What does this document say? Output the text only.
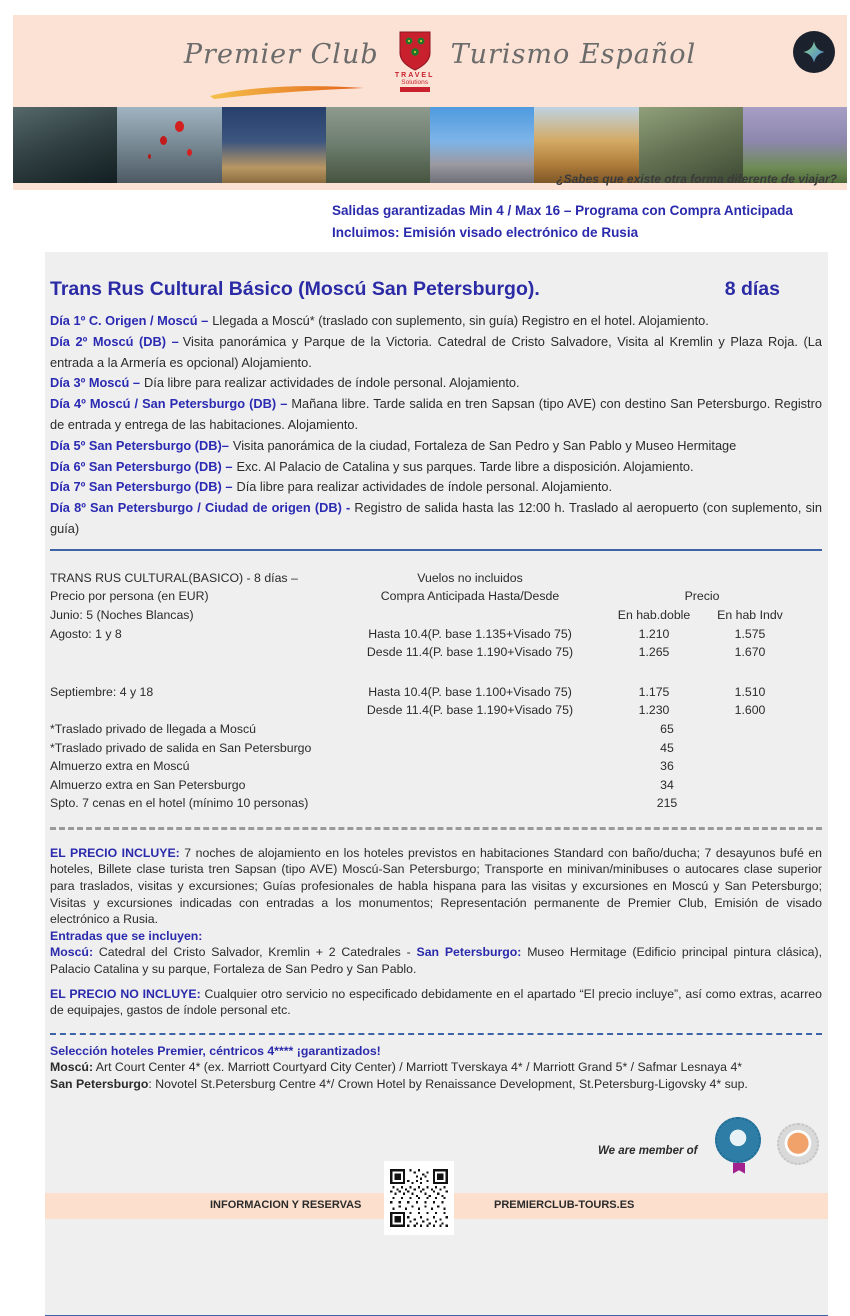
Premier Club
TRAVEL
Solutions
Turismo Español
¿Sabes que existe otra forma diferente de viajar?
Salidas garantizadas Min 4 / Max 16 – Programa con Compra Anticipada
Incluimos: Emisión visado electrónico de Rusia
Trans Rus Cultural Básico (Moscú San Petersburgo).	8 días

Día 1º C. Origen / Moscú – Llegada a Moscú* (traslado con suplemento, sin guía) Registro en el hotel. Alojamiento.

Día 2º Moscú (DB) – Visita panorámica y Parque de la Victoria. Catedral de Cristo Salvadore, Visita al Kremlin y Plaza Roja. (La entrada a la Armería es opcional) Alojamiento.

Día 3º Moscú – Día libre para realizar actividades de índole personal. Alojamiento.

Día 4º Moscú / San Petersburgo (DB) – Mañana libre. Tarde salida en tren Sapsan (tipo AVE) con destino San Petersburgo. Registro de entrada y entrega de las habitaciones. Alojamiento.

Día 5º San Petersburgo (DB)– Visita panorámica de la ciudad, Fortaleza de San Pedro y San Pablo y Museo Hermitage

Día 6º San Petersburgo (DB) – Exc. Al Palacio de Catalina y sus parques. Tarde libre a disposición. Alojamiento.

Día 7º San Petersburgo (DB) – Día libre para realizar actividades de índole personal. Alojamiento.

Día 8º San Petersburgo / Ciudad de origen (DB) - Registro de salida hasta las 12:00 h. Traslado al aeropuerto (con suplemento, sin guía)

TRANS RUS CULTURAL(BASICO) - 8 días –	Vuelos no incluidos		
Precio por persona (en EUR)	Compra Anticipada Hasta/Desde	Precio	
Junio: 5 (Noches Blancas)		En hab.doble	En hab Indv
Agosto: 1 y 8	Hasta 10.4(P. base 1.135+Visado 75)	1.210	1.575
	Desde 11.4(P. base 1.190+Visado 75)	1.265	1.670

Septiembre: 4 y 18	Hasta 10.4(P. base 1.100+Visado 75)	1.175	1.510
	Desde 11.4(P. base 1.190+Visado 75)	1.230	1.600
*Traslado privado de llegada a Moscú		65	
*Traslado privado de salida en San Petersburgo		45	
Almuerzo extra en Moscú		36	
Almuerzo extra en San Petersburgo		34	
Spto. 7 cenas en el hotel (mínimo 10 personas)		215	

EL PRECIO INCLUYE: 7 noches de alojamiento en los hoteles previstos en habitaciones Standard con baño/ducha; 7 desayunos bufé en hoteles, Billete clase turista tren Sapsan (tipo AVE) Moscú-San Petersburgo; Transporte en minivan/minibuses o autocares clase superior para traslados, visitas y excursiones; Guías profesionales de habla hispana para las visitas y excursiones en Moscú y San Petersburgo; Visitas y excursiones indicadas con entradas a los monumentos; Representación permanente de Premier Club, Emisión de visado electrónico a Rusia.

Entradas que se incluyen:

Moscú: Catedral del Cristo Salvador, Kremlin + 2 Catedrales - San Petersburgo: Museo Hermitage (Edificio principal pintura clásica), Palacio Catalina y su parque, Fortaleza de San Pedro y San Pablo.

EL PRECIO NO INCLUYE: Cualquier otro servicio no especificado debidamente en el apartado “El precio incluye”, así como extras, acarreo de equipajes, gastos de índole personal etc.

Selección hoteles Premier, céntricos 4**** ¡garantizados!

Moscú: Art Court Center 4* (ex. Marriott Courtyard City Center) / Marriott Tverskaya 4* / Marriott Grand 5* / Safmar Lesnaya 4*

San Petersburgo: Novotel St.Petersburg Centre 4*/ Crown Hotel by Renaissance Development, St.Petersburg-Ligovsky 4* sup.

We are member of
INFORMACION Y RESERVAS	PREMIERCLUB-TOURS.ES
